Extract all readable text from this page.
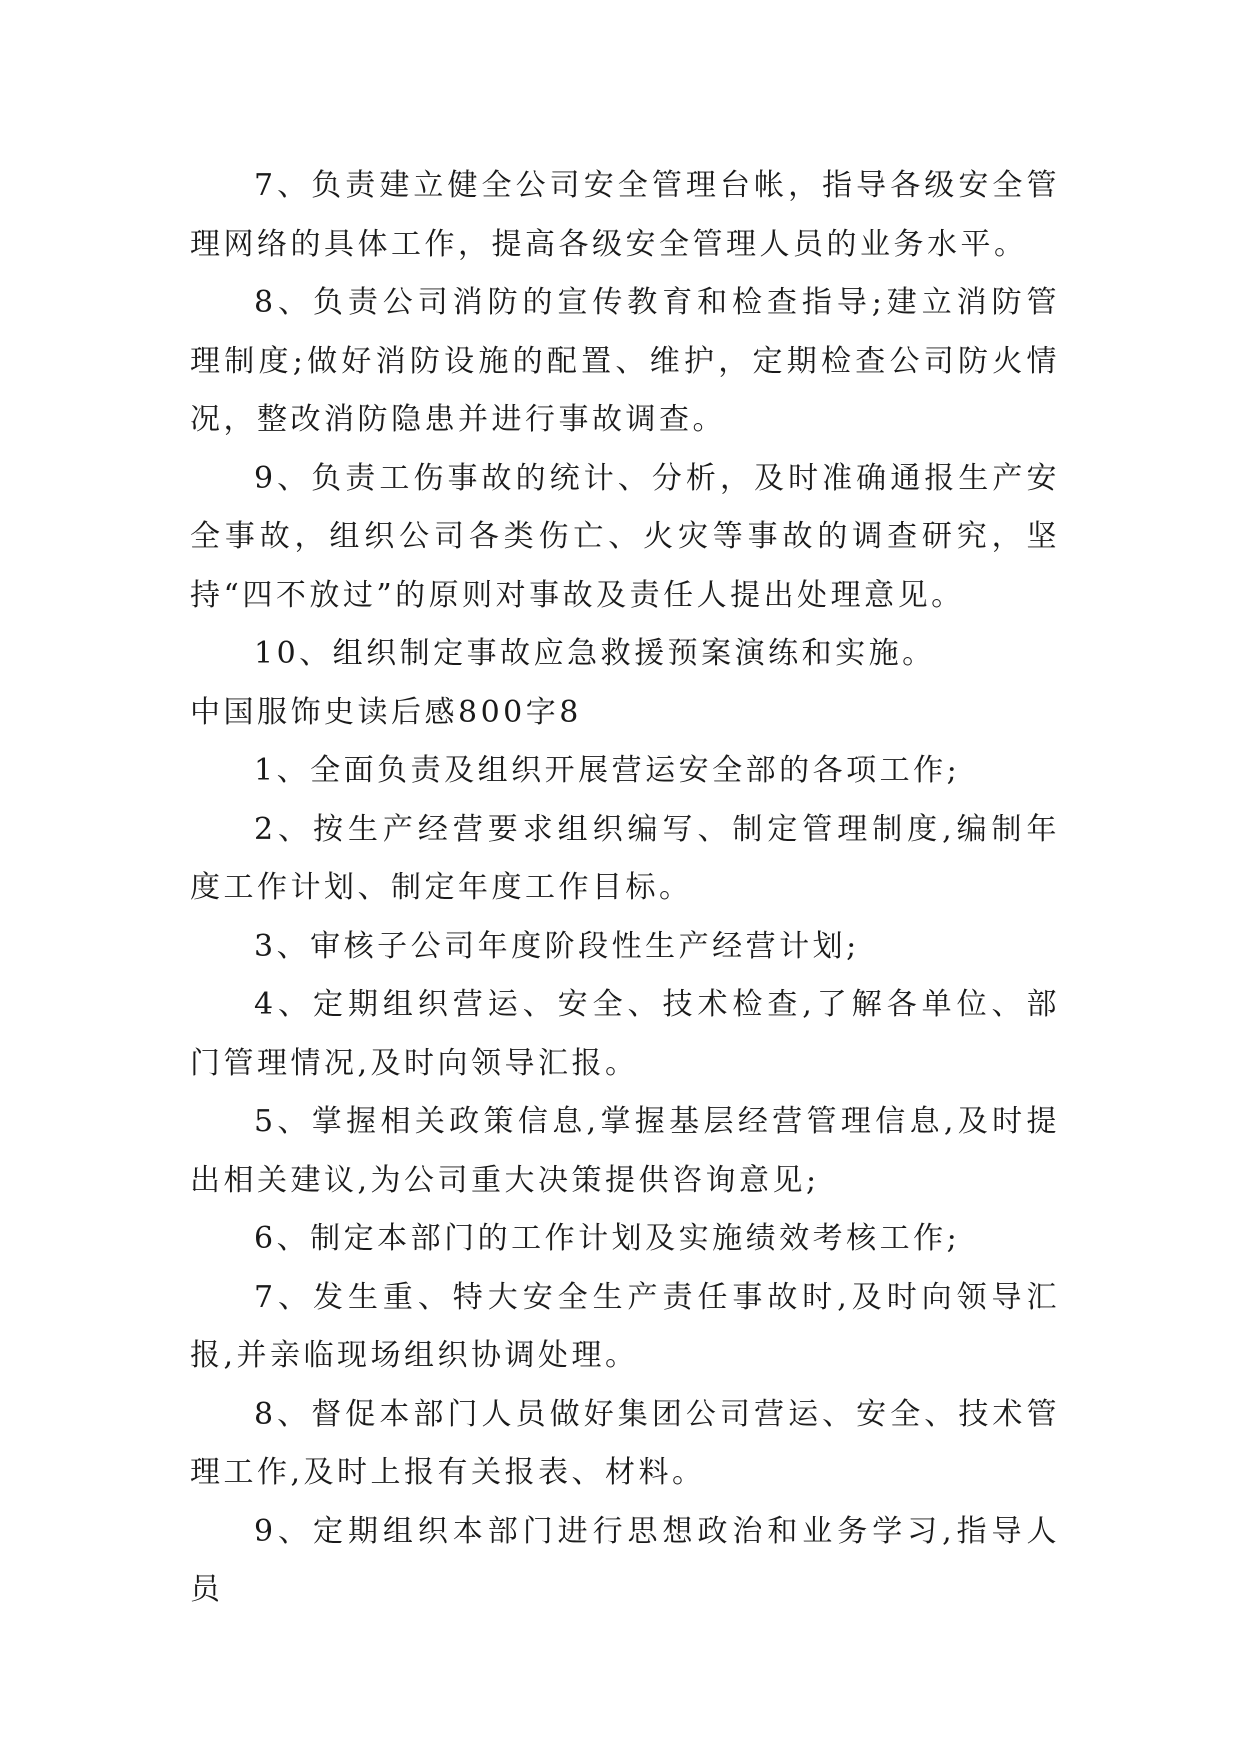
7、负责建立健全公司安全管理台帐，指导各级安全管理网络的具体工作，提高各级安全管理人员的业务水平。

8、负责公司消防的宣传教育和检查指导;建立消防管理制度;做好消防设施的配置、维护，定期检查公司防火情况，整改消防隐患并进行事故调查。

9、负责工伤事故的统计、分析，及时准确通报生产安全事故，组织公司各类伤亡、火灾等事故的调查研究，坚持“四不放过”的原则对事故及责任人提出处理意见。

10、组织制定事故应急救援预案演练和实施。

中国服饰史读后感800字8

1、全面负责及组织开展营运安全部的各项工作;

2、按生产经营要求组织编写、制定管理制度,编制年度工作计划、制定年度工作目标。

3、审核子公司年度阶段性生产经营计划;

4、定期组织营运、安全、技术检查,了解各单位、部门管理情况,及时向领导汇报。

5、掌握相关政策信息,掌握基层经营管理信息,及时提出相关建议,为公司重大决策提供咨询意见;

6、制定本部门的工作计划及实施绩效考核工作;

7、发生重、特大安全生产责任事故时,及时向领导汇报,并亲临现场组织协调处理。

8、督促本部门人员做好集团公司营运、安全、技术管理工作,及时上报有关报表、材料。

9、定期组织本部门进行思想政治和业务学习,指导人员
